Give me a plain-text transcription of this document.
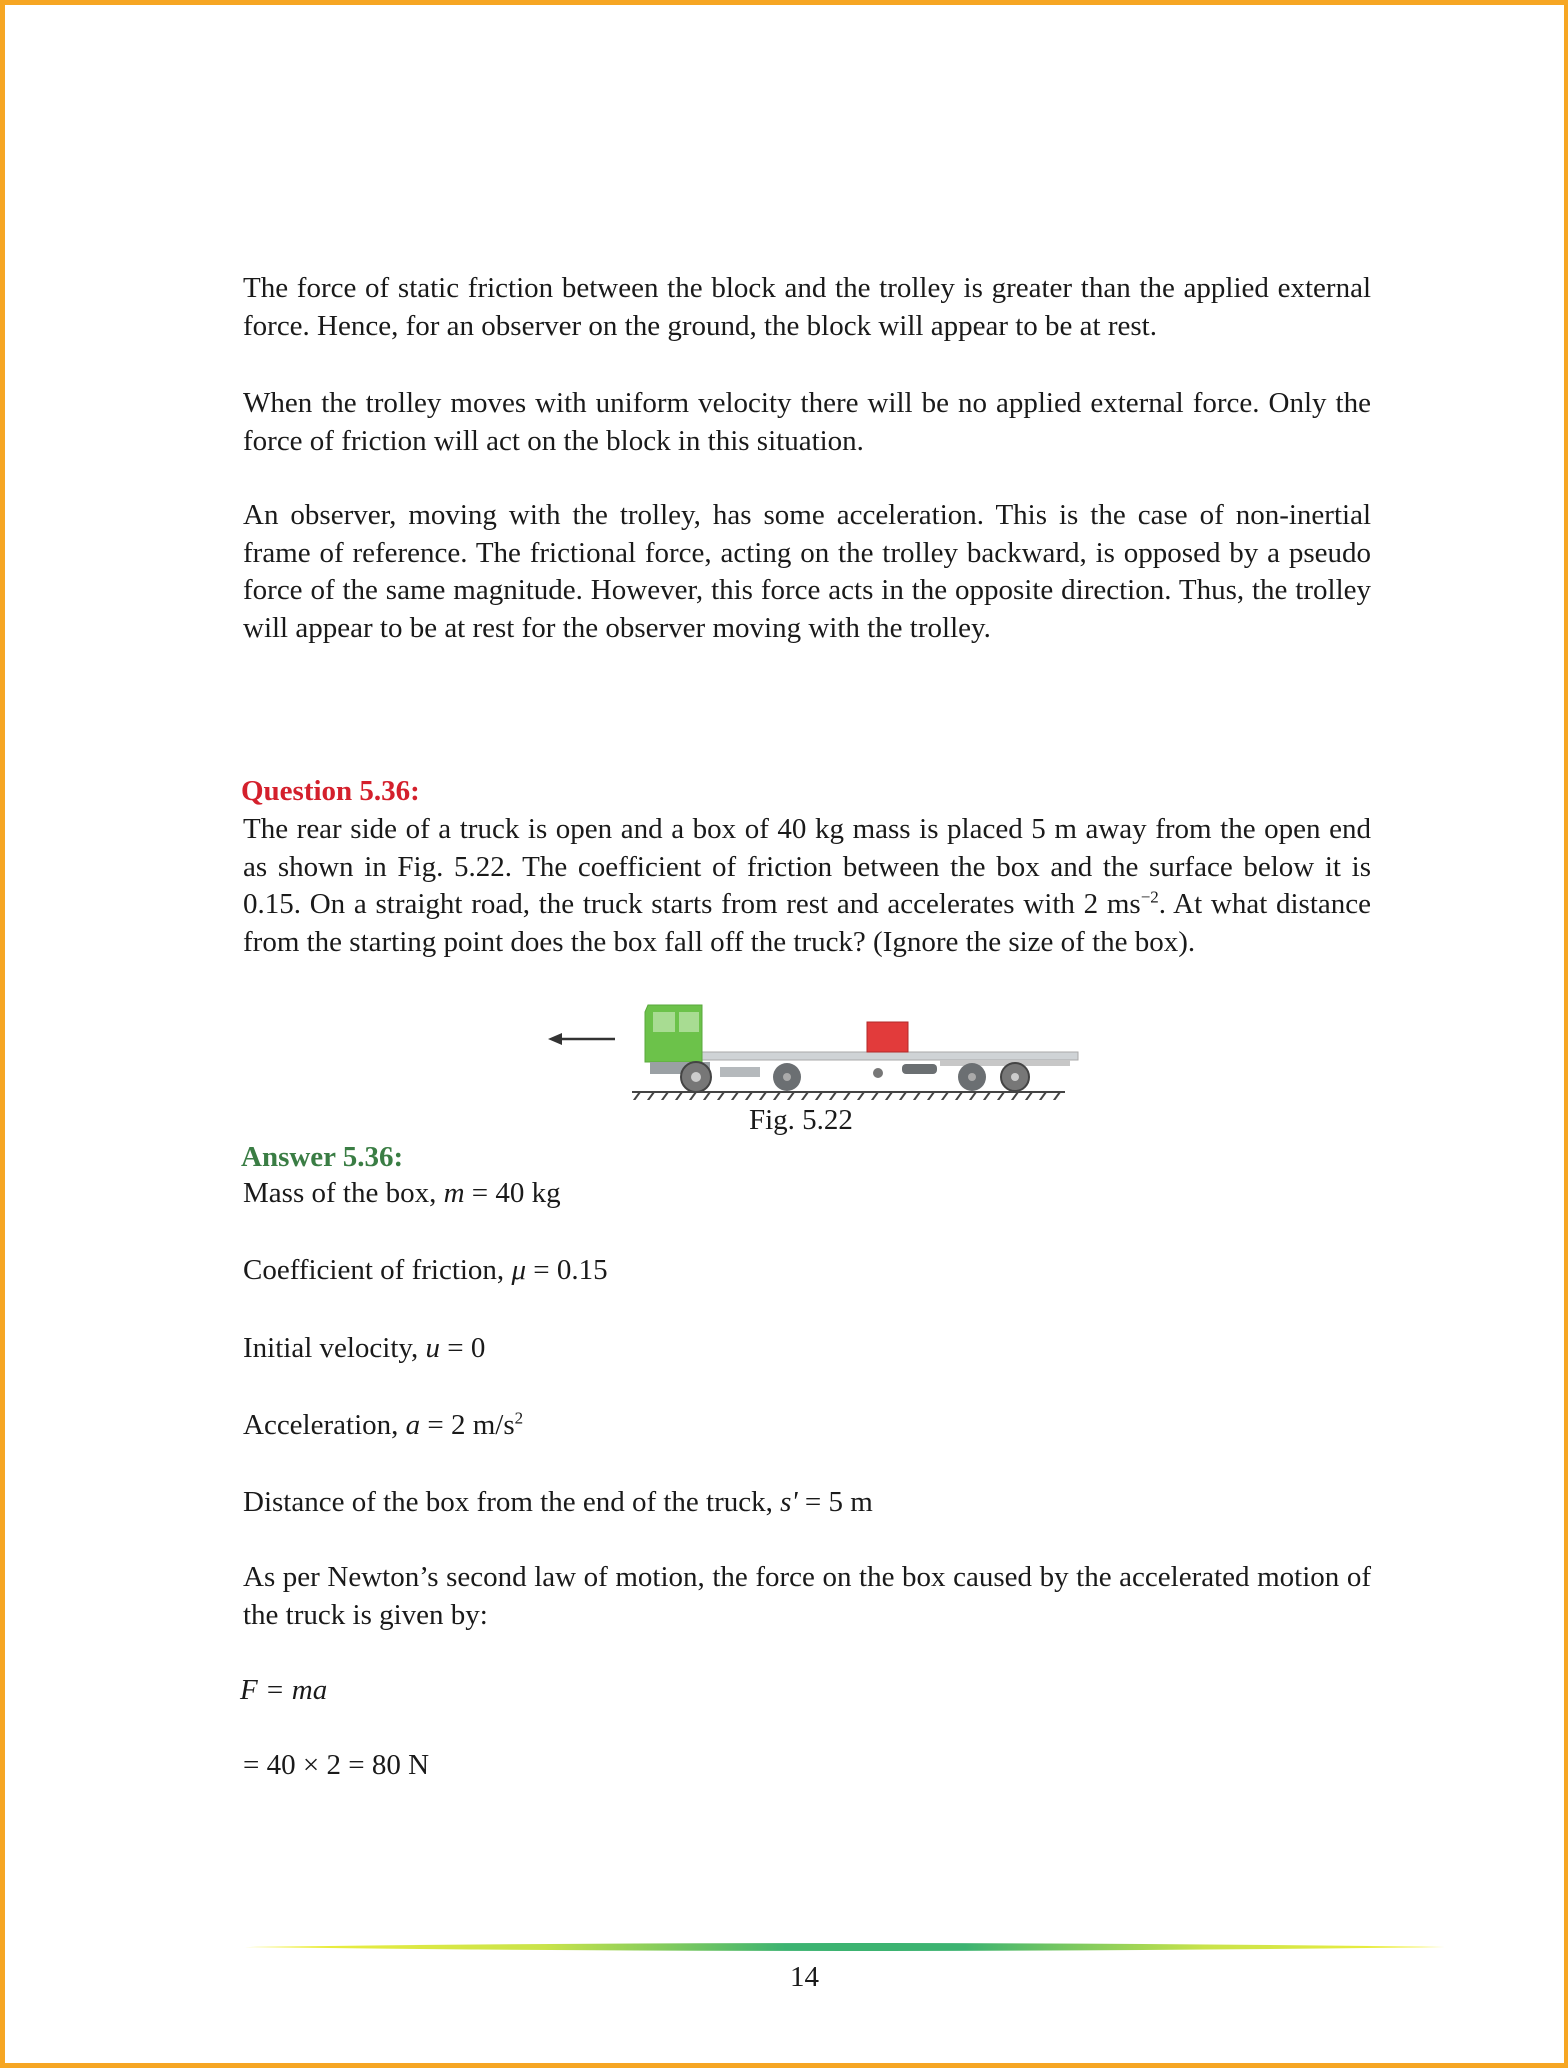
The force of static friction between the block and the trolley is greater than the applied external force. Hence, for an observer on the ground, the block will appear to be at rest.
When the trolley moves with uniform velocity there will be no applied external force. Only the force of friction will act on the block in this situation.
An observer, moving with the trolley, has some acceleration. This is the case of non-inertial frame of reference. The frictional force, acting on the trolley backward, is opposed by a pseudo force of the same magnitude. However, this force acts in the opposite direction. Thus, the trolley will appear to be at rest for the observer moving with the trolley.
Question 5.36:
The rear side of a truck is open and a box of 40 kg mass is placed 5 m away from the open end as shown in Fig. 5.22. The coefficient of friction between the box and the surface below it is 0.15. On a straight road, the truck starts from rest and accelerates with 2 $ms^{-2}$. At what distance from the starting point does the box fall off the truck? (Ignore the size of the box).
Fig. 5.22
Answer 5.36:
Mass of the box, m = 40 kg
Coefficient of friction, μ = 0.15
Initial velocity, u = 0
Acceleration, a = 2 $m/s^2$
Distance of the box from the end of the truck, s' = 5 m
As per Newton’s second law of motion, the force on the box caused by the accelerated motion of the truck is given by:
F = ma
= 40 × 2 = 80 N
14
